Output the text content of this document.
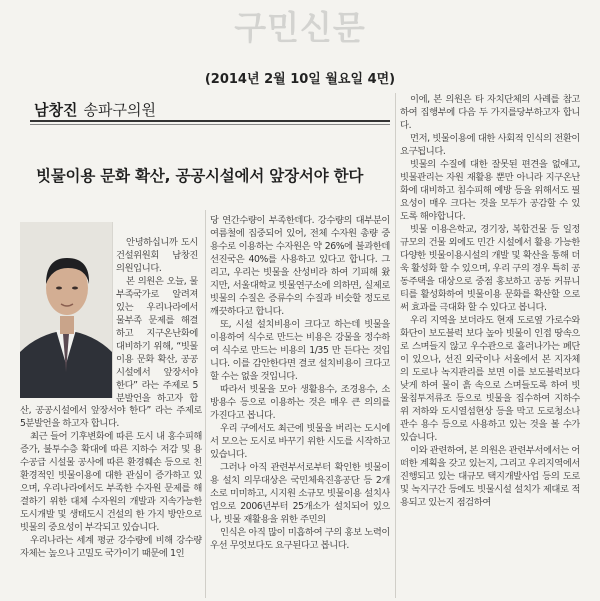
구민신문
(2014년 2월 10일 월요일 4면)
남창진 송파구의원
빗물이용 문화 확산, 공공시설에서 앞장서야 한다

안녕하십니까 도시건설위원회 남창진 의원입니다.

본 의원은 오늘, 물부족국가로 알려져 있는 우리나라에서 물부족 문제를 해결하고 지구온난화에 대비하기 위해, “빗물이용 문화 확산, 공공시설에서 앞장서야 한다” 라는 주제로 5분발언을 하고자 합

산, 공공시설에서 앞장서야 한다” 라는 주제로 5분발언을 하고자 합니다.

최근 들어 기후변화에 따른 도시 내 홍수피해 증가, 불투수층 확대에 따른 지하수 저감 및 용수공급 시설물 공사에 따른 환경훼손 등으로 친환경적인 빗물이용에 대한 관심이 증가하고 있으며, 우리나라에서도 부족한 수자원 문제를 해결하기 위한 대체 수자원의 개발과 지속가능한 도시개발 및 생태도시 건설의 한 가지 방안으로 빗물의 중요성이 부각되고 있습니다.

우리나라는 세계 평균 강수량에 비해 강수량 자체는 높으나 고밀도 국가이기 때문에 1인

당 연간수량이 부족한데다. 강수량의 대부분이 여름철에 집중되어 있어, 전체 수자원 총량 중 용수로 이용하는 수자원은 약 26%에 불과한데 선진국은 40%를 사용하고 있다고 합니다. 그리고, 우리는 빗물을 산성비라 하여 기피해 왔지만, 서울대학교 빗물연구소에 의하면, 실제로 빗물의 수질은 증류수의 수질과 비슷할 정도로 깨끗하다고 합니다.

또, 시설 설치비용이 크다고 하는데 빗물을 이용하여 식수로 만드는 비용은 강물을 정수하여 식수로 만드는 비용의 1/35 만 든다는 것입니다. 이를 감안한다면 결코 설치비용이 크다고 할 수는 없을 것입니다.

따라서 빗물을 모아 생활용수, 조경용수, 소방용수 등으로 이용하는 것은 매우 큰 의의를 가진다고 봅니다.

우리 구에서도 최근에 빗물을 버리는 도시에서 모으는 도시로 바꾸기 위한 시도를 시작하고 있습니다.

그러나 아직 관련부서로부터 확인한 빗물이용 설치 의무대상은 국민체육진흥공단 등 2개소로 미미하고, 시지원 소규모 빗물이용 설치사업으로 2006년부터 25개소가 설치되어 있으나, 빗물 재활용을 위한 주민의

인식은 아직 많이 미흡하여 구의 홍보 노력이 우선 무엇보다도 요구된다고 봅니다.

이에, 본 의원은 타 자치단체의 사례를 참고하여 집행부에 다음 두 가지를당부하고자 합니다.

먼저, 빗물이용에 대한 사회적 인식의 전환이 요구됩니다.

빗물의 수질에 대한 잘못된 편견을 없애고, 빗물관리는 자원 재활용 뿐만 아니라 지구온난화에 대비하고 침수피해 예방 등을 위해서도 필요성이 매우 크다는 것을 모두가 공감할 수 있도록 해야합니다.

빗물 이용은학교, 경기장, 복합건물 등 일정 규모의 건물 외에도 민간 시설에서 활용 가능한 다양한 빗물이용시설의 개발 및 확산을 통해 더욱 활성화 할 수 있으며, 우리 구의 경우 특히 공동주택을 대상으로 중점 홍보하고 공동 커뮤니티를 활성화하여 빗물이용 문화를 확산할 으로써 효과를 극대화 할 수 있다고 봅니다.

우리 지역을 보더라도 현재 도로옆 가로수와 화단이 보도블럭 보다 높아 빗물이 인접 땅속으로 스며들지 않고 우수관으로 흘러나가는 폐단이 있으나, 선진 외국이나 서울에서 본 지자체의 도로나 녹지관리를 보면 이를 보도블럭보다 낮게 하여 물이 흙 속으로 스며들도록 하여 빗물침투저류조 등으로 빗물을 집수하여 지하수위 저하와 도시열섬현상 등을 막고 도로청소나 관수 용수 등으로 사용하고 있는 것을 볼 수가 있습니다.

이와 관련하여, 본 의원은 관련부서에서는 어떠한 계획을 갖고 있는지, 그리고 우리지역에서 진행되고 있는 대규모 택지개발사업 등의 도로 및 녹지구간 등에도 빗물시설 설치가 제대로 적용되고 있는지 점검하여
